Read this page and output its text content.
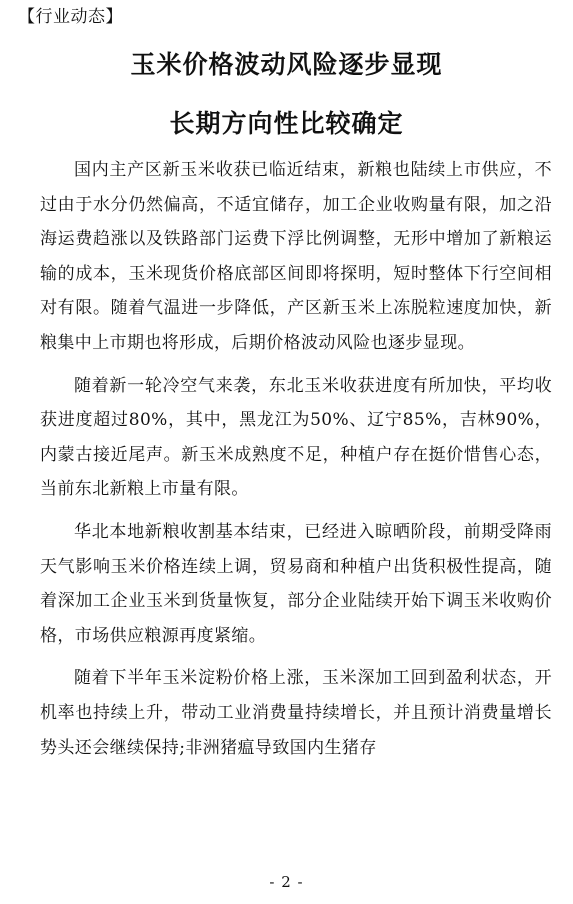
【行业动态】
玉米价格波动风险逐步显现
长期方向性比较确定

国内主产区新玉米收获已临近结束，新粮也陆续上市供应，不过由于水分仍然偏高，不适宜储存，加工企业收购量有限，加之沿海运费趋涨以及铁路部门运费下浮比例调整，无形中增加了新粮运输的成本，玉米现货价格底部区间即将探明，短时整体下行空间相对有限。随着气温进一步降低，产区新玉米上冻脱粒速度加快，新粮集中上市期也将形成，后期价格波动风险也逐步显现。

随着新一轮冷空气来袭，东北玉米收获进度有所加快，平均收获进度超过80%，其中，黑龙江为50%、辽宁85%，吉林90%，内蒙古接近尾声。新玉米成熟度不足，种植户存在挺价惜售心态，当前东北新粮上市量有限。

华北本地新粮收割基本结束，已经进入晾晒阶段，前期受降雨天气影响玉米价格连续上调，贸易商和种植户出货积极性提高，随着深加工企业玉米到货量恢复，部分企业陆续开始下调玉米收购价格，市场供应粮源再度紧缩。

随着下半年玉米淀粉价格上涨，玉米深加工回到盈利状态，开机率也持续上升，带动工业消费量持续增长，并且预计消费量增长势头还会继续保持;非洲猪瘟导致国内生猪存

- 2 -
